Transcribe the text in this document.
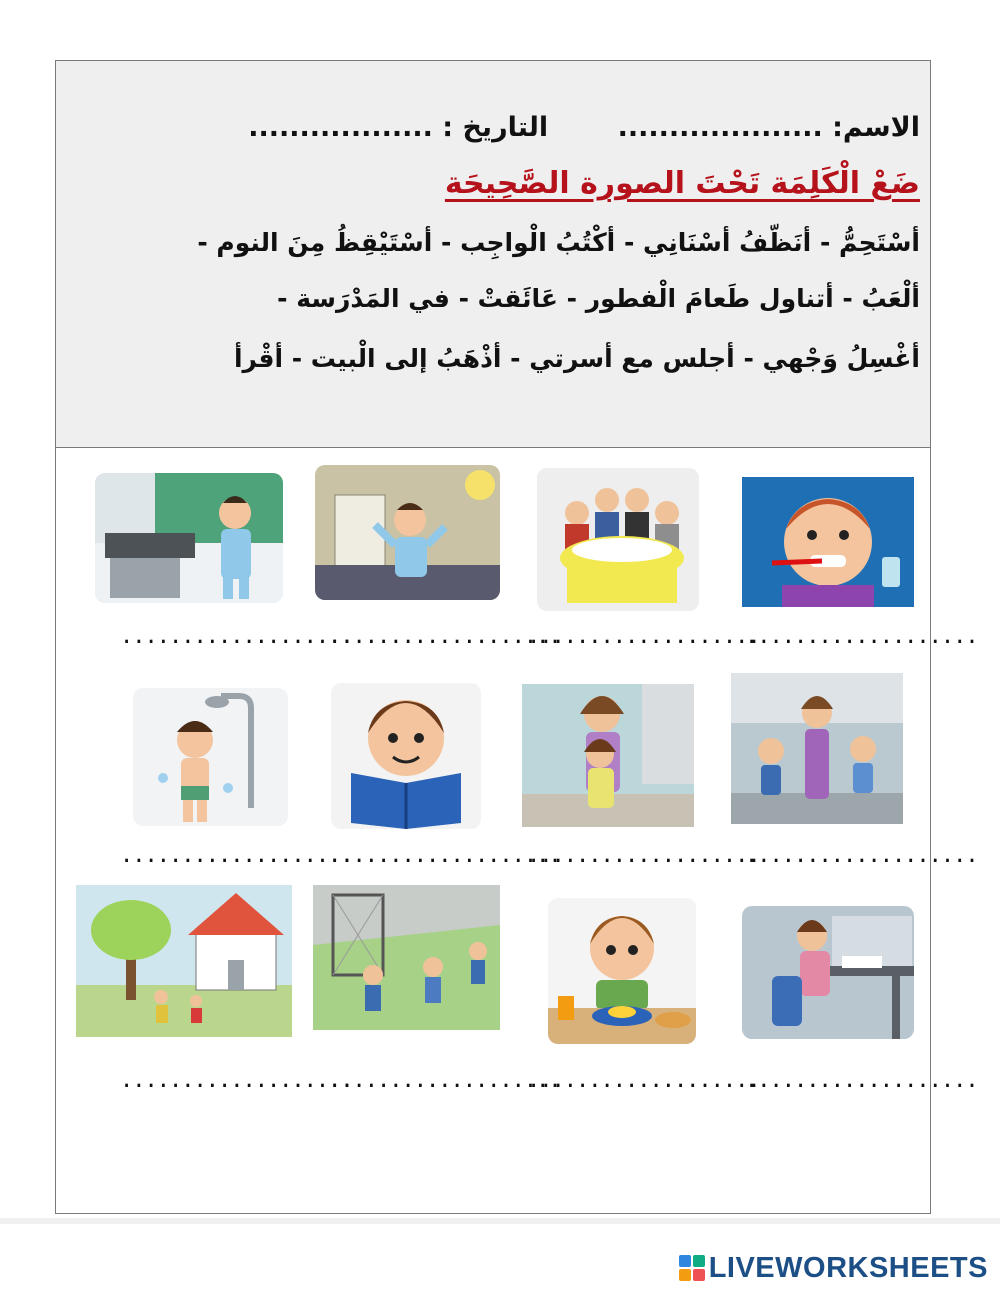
الاسم: .................... التاريخ : ..................
ضَعْ الْكَلِمَة تَحْتَ الصورة الصَّحِيحَة
أسْتَحِمُّ - أنَظّفُ أسْنَانِي - أكْتُبُ الْواجِب - أسْتَيْقِظُ مِنَ النوم -
ألْعَبُ - أتناول طَعامَ الْفطور - عَائَقتْ - في المَدْرَسة -
أغْسِلُ وَجْهي - أجلس مع أسرتي - أذْهَبُ إلى الْبيت - أقْرأ
...................
...................
...................
...................
...................
...................
...................
...................
...................
...................
...................
...................
LIVEWORKSHEETS
